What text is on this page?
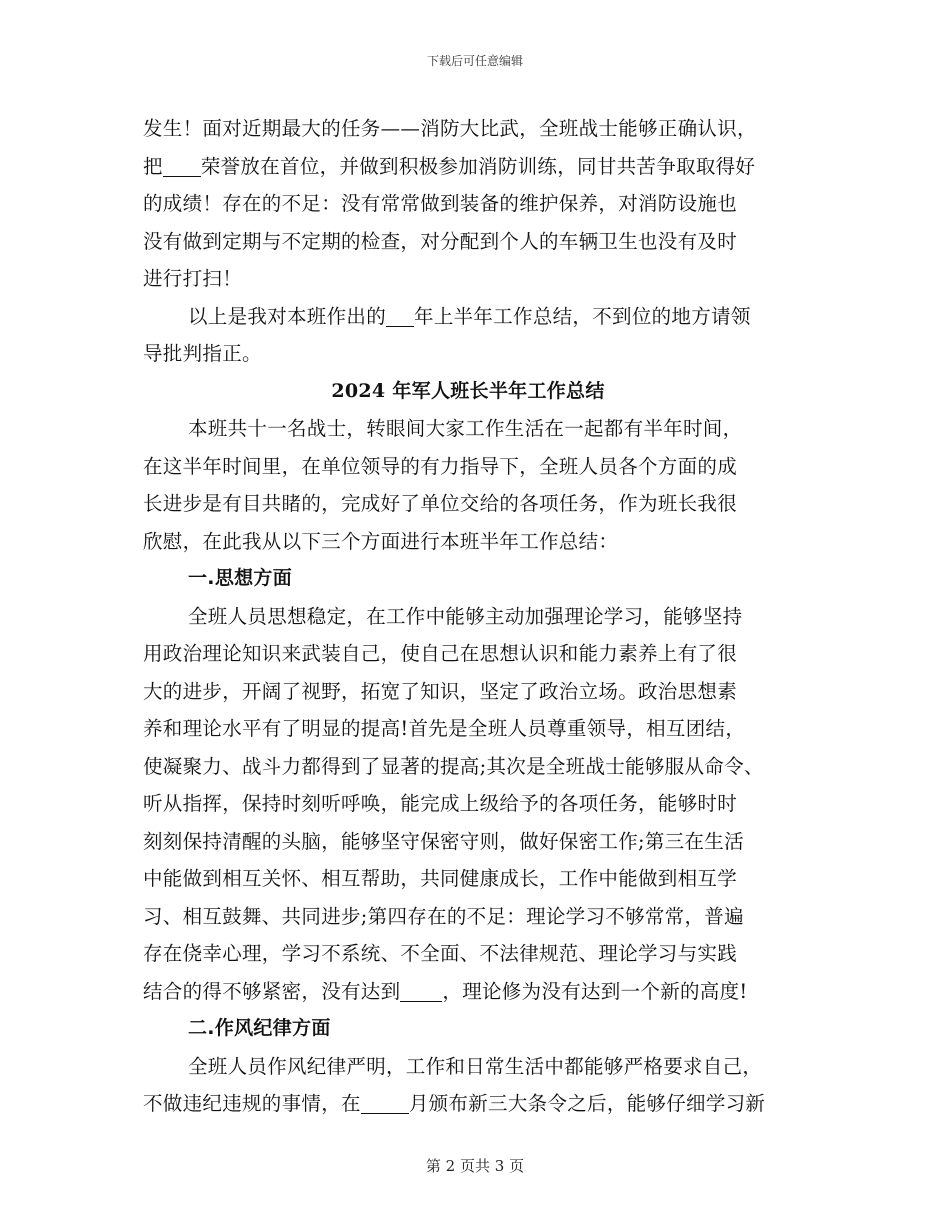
下载后可任意编辑
发生！面对近期最大的任务——消防大比武，全班战士能够正确认识，
把 荣誉放在首位，并做到积极参加消防训练，同甘共苦争取取得好
的成绩！存在的不足：没有常常做到装备的维护保养，对消防设施也
没有做到定期与不定期的检查，对分配到个人的车辆卫生也没有及时
进行打扫！
以上是我对本班作出的 年上半年工作总结，不到位的地方请领
导批判指正。
2024 年军人班长半年工作总结
本班共十一名战士，转眼间大家工作生活在一起都有半年时间，
在这半年时间里，在单位领导的有力指导下，全班人员各个方面的成
长进步是有目共睹的，完成好了单位交给的各项任务，作为班长我很
欣慰，在此我从以下三个方面进行本班半年工作总结：
一.思想方面
全班人员思想稳定，在工作中能够主动加强理论学习，能够坚持
用政治理论知识来武装自己，使自己在思想认识和能力素养上有了很
大的进步，开阔了视野，拓宽了知识，坚定了政治立场。政治思想素
养和理论水平有了明显的提高!首先是全班人员尊重领导，相互团结，
使凝聚力、战斗力都得到了显著的提高;其次是全班战士能够服从命令、
听从指挥，保持时刻听呼唤，能完成上级给予的各项任务，能够时时
刻刻保持清醒的头脑，能够坚守保密守则，做好保密工作;第三在生活
中能做到相互关怀、相互帮助，共同健康成长，工作中能做到相互学
习、相互鼓舞、共同进步;第四存在的不足：理论学习不够常常，普遍
存在侥幸心理，学习不系统、不全面、不法律规范、理论学习与实践
结合的得不够紧密，没有达到 ，理论修为没有达到一个新的高度!
二.作风纪律方面
全班人员作风纪律严明，工作和日常生活中都能够严格要求自己，
不做违纪违规的事情，在 月颁布新三大条令之后，能够仔细学习新
第 2 页共 3 页
